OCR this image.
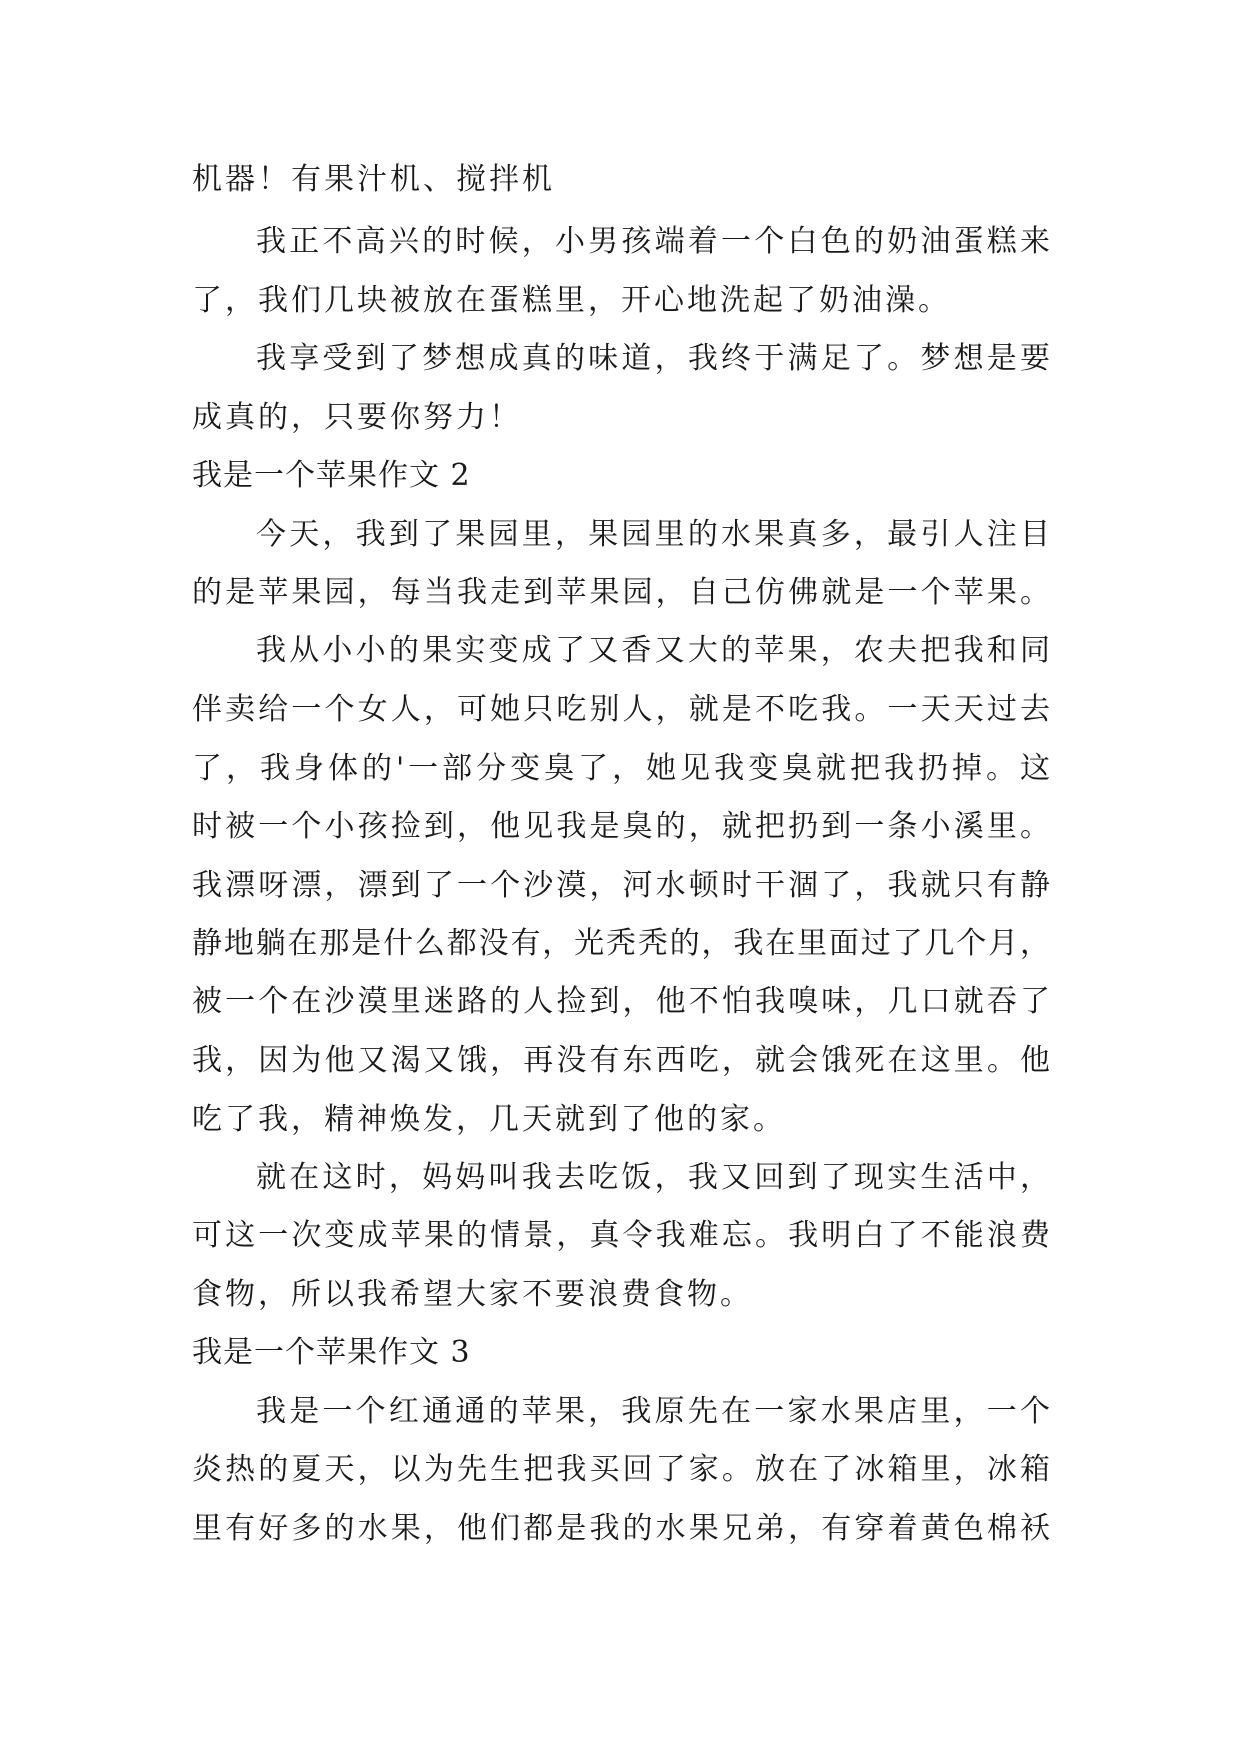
机器！有果汁机、搅拌机
我正不高兴的时候，小男孩端着一个白色的奶油蛋糕来
了，我们几块被放在蛋糕里，开心地洗起了奶油澡。
我享受到了梦想成真的味道，我终于满足了。梦想是要
成真的，只要你努力！
我是一个苹果作文 2
今天，我到了果园里，果园里的水果真多，最引人注目
的是苹果园，每当我走到苹果园，自己仿佛就是一个苹果。
我从小小的果实变成了又香又大的苹果，农夫把我和同
伴卖给一个女人，可她只吃别人，就是不吃我。一天天过去
了，我身体的'一部分变臭了，她见我变臭就把我扔掉。这
时被一个小孩捡到，他见我是臭的，就把扔到一条小溪里。
我漂呀漂，漂到了一个沙漠，河水顿时干涸了，我就只有静
静地躺在那是什么都没有，光秃秃的，我在里面过了几个月，
被一个在沙漠里迷路的人捡到，他不怕我嗅味，几口就吞了
我，因为他又渴又饿，再没有东西吃，就会饿死在这里。他
吃了我，精神焕发，几天就到了他的家。
就在这时，妈妈叫我去吃饭，我又回到了现实生活中，
可这一次变成苹果的情景，真令我难忘。我明白了不能浪费
食物，所以我希望大家不要浪费食物。
我是一个苹果作文 3
我是一个红通通的苹果，我原先在一家水果店里，一个
炎热的夏天，以为先生把我买回了家。放在了冰箱里，冰箱
里有好多的水果，他们都是我的水果兄弟，有穿着黄色棉袄
